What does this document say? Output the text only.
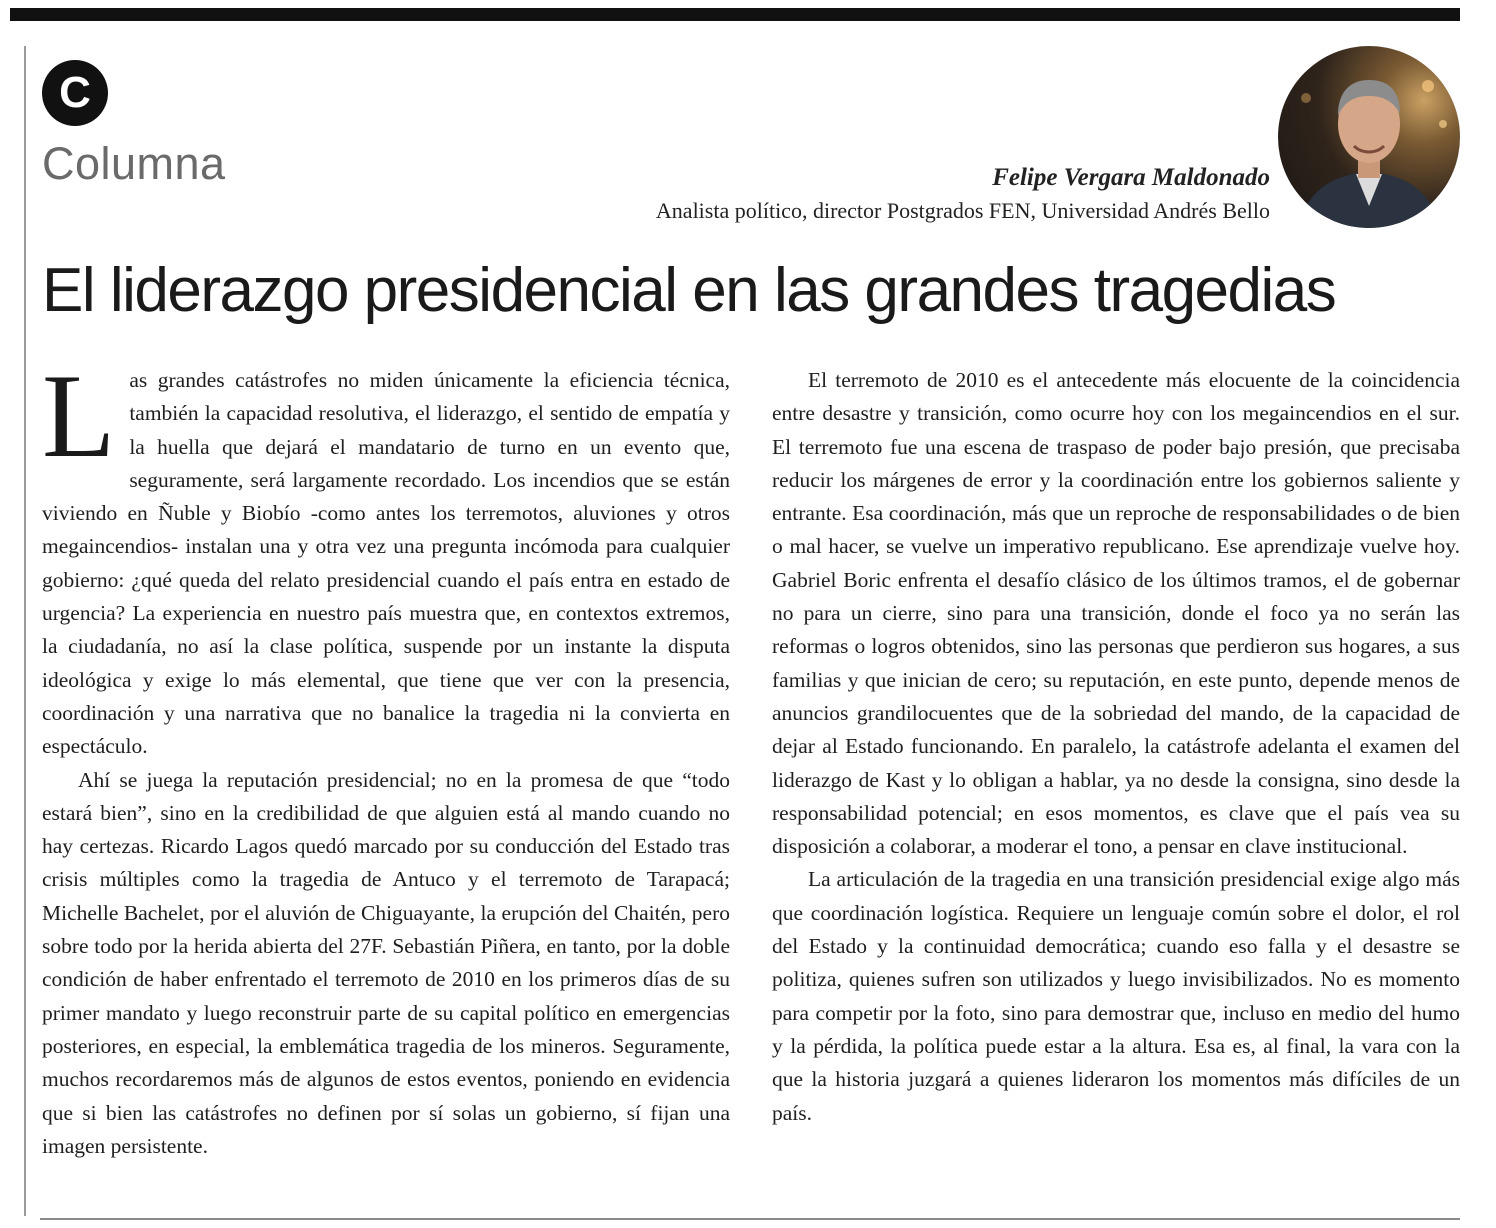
C
Columna	Felipe Vergara Maldonado
Analista político, director Postgrados FEN, Universidad Andrés Bello
El liderazgo presidencial en las grandes tragedias

Las grandes catástrofes no miden únicamente la eficiencia técnica, también la capacidad resolutiva, el liderazgo, el sentido de empatía y la huella que dejará el mandatario de turno en un evento que, seguramente, será largamente recordado. Los incendios que se están viviendo en Ñuble y Biobío -como antes los terremotos, aluviones y otros megaincendios- instalan una y otra vez una pregunta incómoda para cualquier gobierno: ¿qué queda del relato presidencial cuando el país entra en estado de urgencia? La experiencia en nuestro país muestra que, en contextos extremos, la ciudadanía, no así la clase política, suspende por un instante la disputa ideológica y exige lo más elemental, que tiene que ver con la presencia, coordinación y una narrativa que no banalice la tragedia ni la convierta en espectáculo.

Ahí se juega la reputación presidencial; no en la promesa de que “todo estará bien”, sino en la credibilidad de que alguien está al mando cuando no hay certezas. Ricardo Lagos quedó marcado por su conducción del Estado tras crisis múltiples como la tragedia de Antuco y el terremoto de Tarapacá; Michelle Bachelet, por el aluvión de Chiguayante, la erupción del Chaitén, pero sobre todo por la herida abierta del 27F. Sebastián Piñera, en tanto, por la doble condición de haber enfrentado el terremoto de 2010 en los primeros días de su primer mandato y luego reconstruir parte de su capital político en emergencias posteriores, en especial, la emblemática tragedia de los mineros. Seguramente, muchos recordaremos más de algunos de estos eventos, poniendo en evidencia que si bien las catástrofes no definen por sí solas un gobierno, sí fijan una imagen persistente.

El terremoto de 2010 es el antecedente más elocuente de la coincidencia entre desastre y transición, como ocurre hoy con los megaincendios en el sur. El terremoto fue una escena de traspaso de poder bajo presión, que precisaba reducir los márgenes de error y la coordinación entre los gobiernos saliente y entrante. Esa coordinación, más que un reproche de responsabilidades o de bien o mal hacer, se vuelve un imperativo republicano. Ese aprendizaje vuelve hoy. Gabriel Boric enfrenta el desafío clásico de los últimos tramos, el de gobernar no para un cierre, sino para una transición, donde el foco ya no serán las reformas o logros obtenidos, sino las personas que perdieron sus hogares, a sus familias y que inician de cero; su reputación, en este punto, depende menos de anuncios grandilocuentes que de la sobriedad del mando, de la capacidad de dejar al Estado funcionando. En paralelo, la catástrofe adelanta el examen del liderazgo de Kast y lo obligan a hablar, ya no desde la consigna, sino desde la responsabilidad potencial; en esos momentos, es clave que el país vea su disposición a colaborar, a moderar el tono, a pensar en clave institucional.

La articulación de la tragedia en una transición presidencial exige algo más que coordinación logística. Requiere un lenguaje común sobre el dolor, el rol del Estado y la continuidad democrática; cuando eso falla y el desastre se politiza, quienes sufren son utilizados y luego invisibilizados. No es momento para competir por la foto, sino para demostrar que, incluso en medio del humo y la pérdida, la política puede estar a la altura. Esa es, al final, la vara con la que la historia juzgará a quienes lideraron los momentos más difíciles de un país.
